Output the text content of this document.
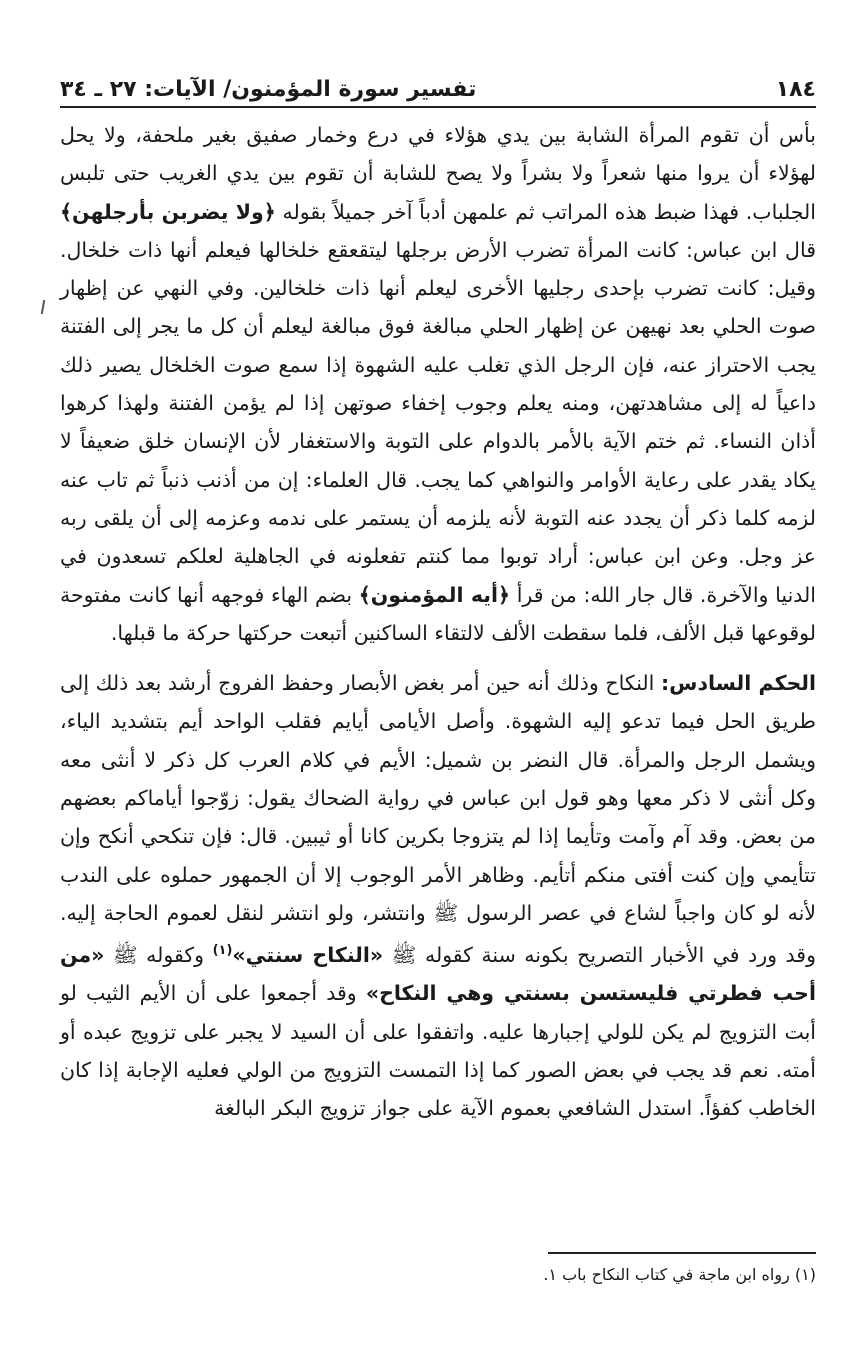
١٨٤
تفسير سورة المؤمنون/ الآيات: ٢٧ ـ ٣٤

بأس أن تقوم المرأة الشابة بين يدي هؤلاء في درع وخمار صفيق بغير ملحفة، ولا يحل لهؤلاء أن يروا منها شعراً ولا بشراً ولا يصح للشابة أن تقوم بين يدي الغريب حتى تلبس الجلباب. فهذا ضبط هذه المراتب ثم علمهن أدباً آخر جميلاً بقوله ﴿ولا يضربن بأرجلهن﴾ قال ابن عباس: كانت المرأة تضرب الأرض برجلها ليتقعقع خلخالها فيعلم أنها ذات خلخال. وقيل: كانت تضرب بإحدى رجليها الأخرى ليعلم أنها ذات خلخالين. وفي النهي عن إظهار صوت الحلي بعد نهيهن عن إظهار الحلي مبالغة فوق مبالغة ليعلم أن كل ما يجر إلى الفتنة يجب الاحتراز عنه، فإن الرجل الذي تغلب عليه الشهوة إذا سمع صوت الخلخال يصير ذلك داعياً له إلى مشاهدتهن، ومنه يعلم وجوب إخفاء صوتهن إذا لم يؤمن الفتنة ولهذا كرهوا أذان النساء. ثم ختم الآية بالأمر بالدوام على التوبة والاستغفار لأن الإنسان خلق ضعيفاً لا يكاد يقدر على رعاية الأوامر والنواهي كما يجب. قال العلماء: إن من أذنب ذنباً ثم تاب عنه لزمه كلما ذكر أن يجدد عنه التوبة لأنه يلزمه أن يستمر على ندمه وعزمه إلى أن يلقى ربه عز وجل. وعن ابن عباس: أراد توبوا مما كنتم تفعلونه في الجاهلية لعلكم تسعدون في الدنيا والآخرة. قال جار الله: من قرأ ﴿أيه المؤمنون﴾ بضم الهاء فوجهه أنها كانت مفتوحة لوقوعها قبل الألف، فلما سقطت الألف لالتقاء الساكنين أتبعت حركتها حركة ما قبلها.

الحكم السادس: النكاح وذلك أنه حين أمر بغض الأبصار وحفظ الفروج أرشد بعد ذلك إلى طريق الحل فيما تدعو إليه الشهوة. وأصل الأيامى أيايم فقلب الواحد أيم بتشديد الياء، ويشمل الرجل والمرأة. قال النضر بن شميل: الأيم في كلام العرب كل ذكر لا أنثى معه وكل أنثى لا ذكر معها وهو قول ابن عباس في رواية الضحاك يقول: زوّجوا أياماكم بعضهم من بعض. وقد آم وآمت وتأيما إذا لم يتزوجا بكرين كانا أو ثيبين. قال: فإن تنكحي أنكح وإن تتأيمي وإن كنت أفتى منكم أتأيم. وظاهر الأمر الوجوب إلا أن الجمهور حملوه على الندب لأنه لو كان واجباً لشاع في عصر الرسول ﷺ وانتشر، ولو انتشر لنقل لعموم الحاجة إليه. وقد ورد في الأخبار التصريح بكونه سنة كقوله ﷺ «النكاح سنتي»$^{(١)}$ وكقوله ﷺ «من أحب فطرتي فليستسن بسنتي وهي النكاح» وقد أجمعوا على أن الأيم الثيب لو أبت التزويج لم يكن للولي إجبارها عليه. واتفقوا على أن السيد لا يجبر على تزويج عبده أو أمته. نعم قد يجب في بعض الصور كما إذا التمست التزويج من الولي فعليه الإجابة إذا كان الخاطب كفؤاً. استدل الشافعي بعموم الآية على جواز تزويج البكر البالغة

(١) رواه ابن ماجة في كتاب النكاح باب ١.
